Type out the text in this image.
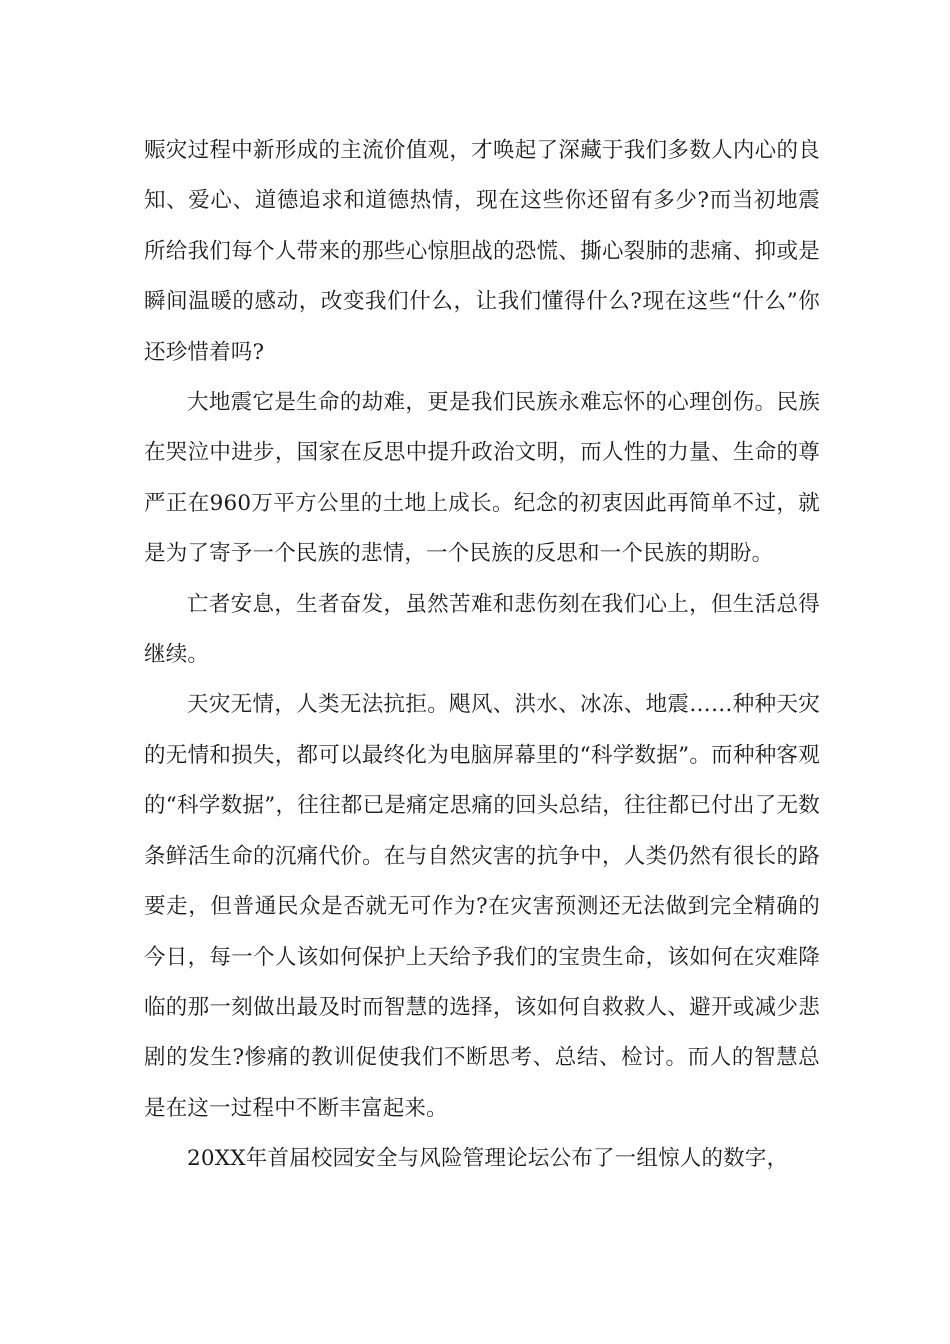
赈灾过程中新形成的主流价值观，才唤起了深藏于我们多数人内心的良知、爱心、道德追求和道德热情，现在这些你还留有多少?而当初地震所给我们每个人带来的那些心惊胆战的恐慌、撕心裂肺的悲痛、抑或是瞬间温暖的感动，改变我们什么，让我们懂得什么?现在这些“什么”你还珍惜着吗?

大地震它是生命的劫难，更是我们民族永难忘怀的心理创伤。民族在哭泣中进步，国家在反思中提升政治文明，而人性的力量、生命的尊严正在960万平方公里的土地上成长。纪念的初衷因此再简单不过，就是为了寄予一个民族的悲情，一个民族的反思和一个民族的期盼。

亡者安息，生者奋发，虽然苦难和悲伤刻在我们心上，但生活总得继续。

天灾无情，人类无法抗拒。飓风、洪水、冰冻、地震……种种天灾的无情和损失，都可以最终化为电脑屏幕里的“科学数据”。而种种客观的“科学数据”，往往都已是痛定思痛的回头总结，往往都已付出了无数条鲜活生命的沉痛代价。在与自然灾害的抗争中，人类仍然有很长的路要走，但普通民众是否就无可作为?在灾害预测还无法做到完全精确的今日，每一个人该如何保护上天给予我们的宝贵生命，该如何在灾难降临的那一刻做出最及时而智慧的选择，该如何自救救人、避开或减少悲剧的发生?惨痛的教训促使我们不断思考、总结、检讨。而人的智慧总是在这一过程中不断丰富起来。

20XX年首届校园安全与风险管理论坛公布了一组惊人的数字，
